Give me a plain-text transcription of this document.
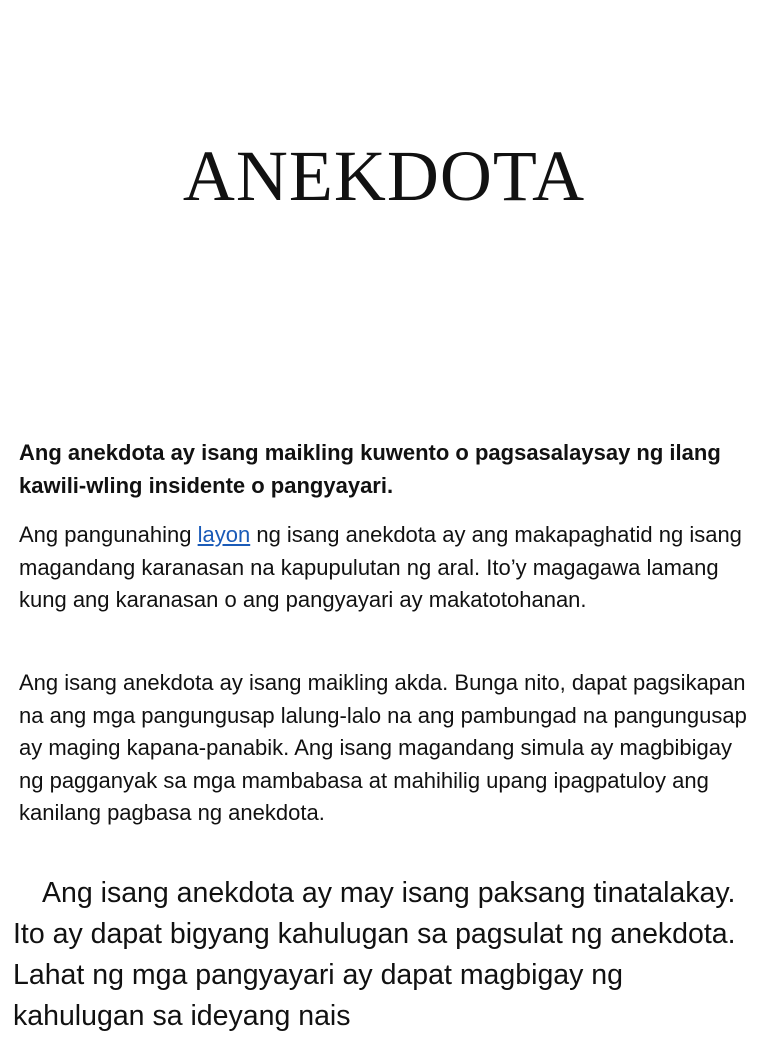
ANEKDOTA

Ang anekdota ay isang maikling kuwento o pagsasalaysay ng ilang kawili-wling insidente o pangyayari.

Ang pangunahing layon ng isang anekdota ay ang makapaghatid ng isang magandang karanasan na kapupulutan ng aral. Ito’y magagawa lamang kung ang karanasan o ang pangyayari ay makatotohanan.

Ang isang anekdota ay isang maikling akda. Bunga nito, dapat pagsikapan na ang mga pangungusap lalung-lalo na ang pambungad na pangungusap ay maging kapana-panabik. Ang isang magandang simula ay magbibigay ng pagganyak sa mga mambabasa at mahihilig upang ipagpatuloy ang kanilang pagbasa ng anekdota.

Ang isang anekdota ay may isang paksang tinatalakay. Ito ay dapat bigyang kahulugan sa pagsulat ng anekdota. Lahat ng mga pangyayari ay dapat magbigay ng kahulugan sa ideyang nais
